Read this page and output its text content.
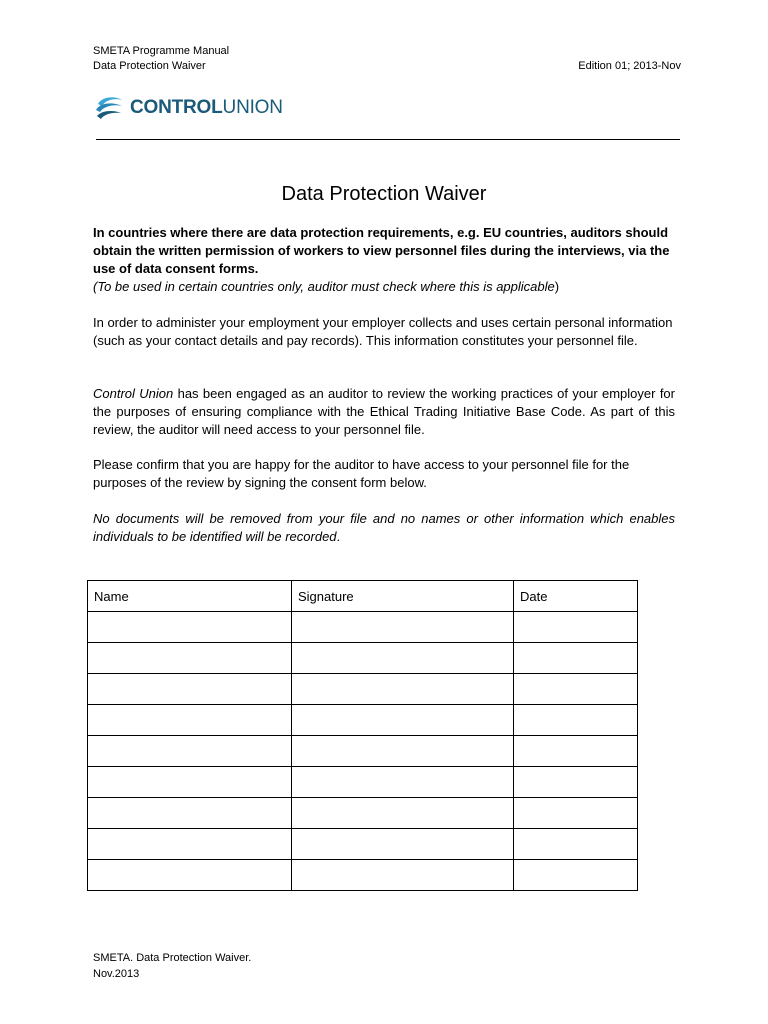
SMETA Programme Manual
Data Protection Waiver	Edition 01; 2013-Nov
CONTROLUNION
Data Protection Waiver
In countries where there are data protection requirements, e.g. EU countries, auditors should obtain the written permission of workers to view personnel files during the interviews, via the use of data consent forms.
(To be used in certain countries only, auditor must check where this is applicable)
In order to administer your employment your employer collects and uses certain personal information (such as your contact details and pay records). This information constitutes your personnel file.
Control Union has been engaged as an auditor to review the working practices of your employer for the purposes of ensuring compliance with the Ethical Trading Initiative Base Code. As part of this review, the auditor will need access to your personnel file.
Please confirm that you are happy for the auditor to have access to your personnel file for the purposes of the review by signing the consent form below.
No documents will be removed from your file and no names or other information which enables individuals to be identified will be recorded.
Name	Signature	Date

SMETA. Data Protection Waiver.
Nov.2013
